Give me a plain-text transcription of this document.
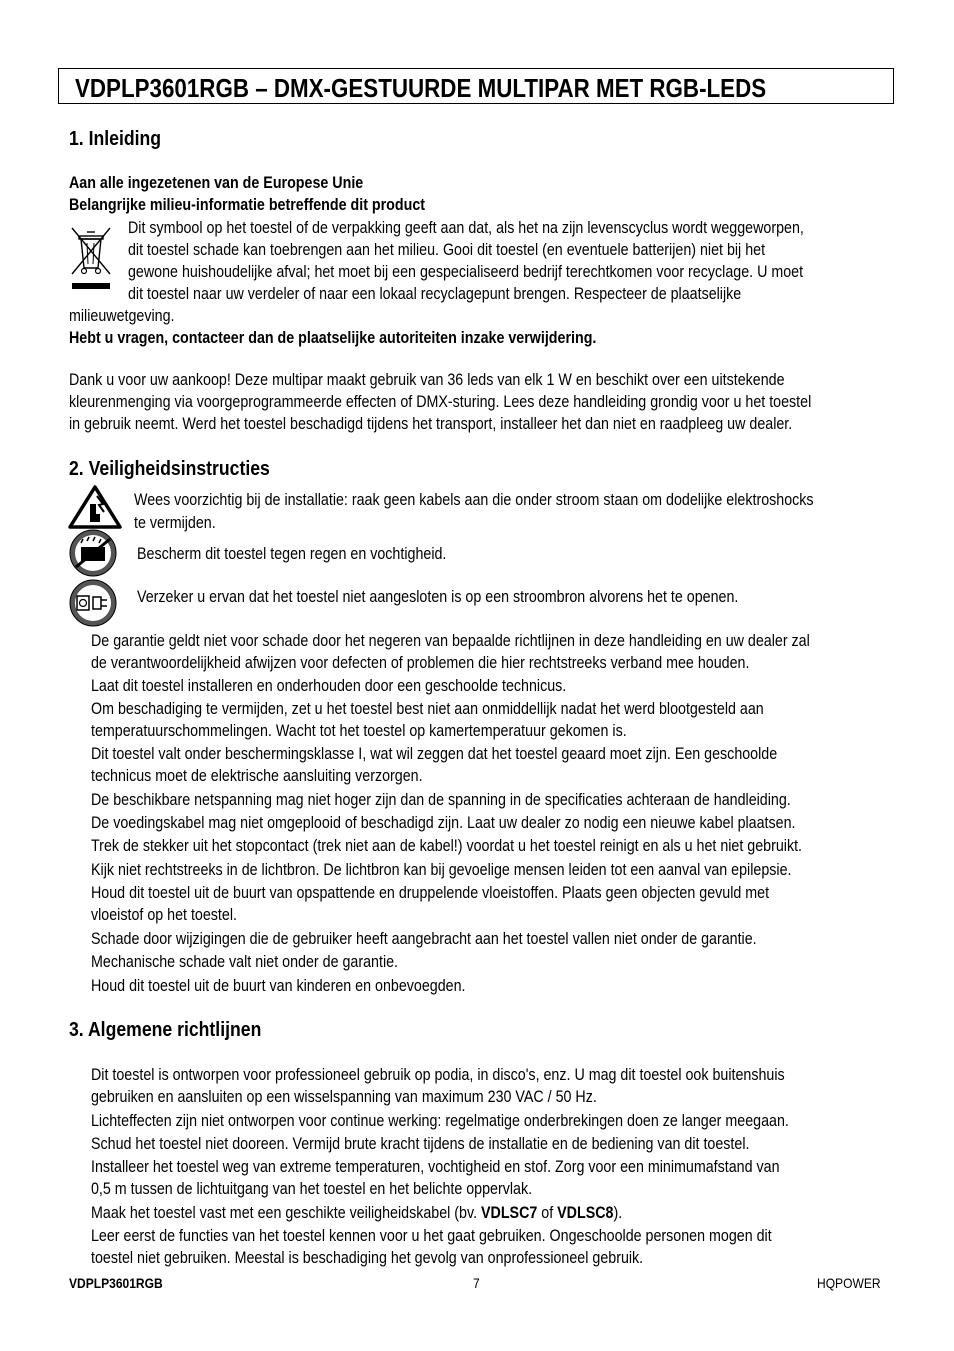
VDPLP3601RGB – DMX-GESTUURDE MULTIPAR MET RGB-LEDS
1. Inleiding
Aan alle ingezetenen van de Europese Unie
Belangrijke milieu-informatie betreffende dit product
Dit symbool op het toestel of de verpakking geeft aan dat, als het na zijn levenscyclus wordt weggeworpen,
dit toestel schade kan toebrengen aan het milieu. Gooi dit toestel (en eventuele batterijen) niet bij het
gewone huishoudelijke afval; het moet bij een gespecialiseerd bedrijf terechtkomen voor recyclage. U moet
dit toestel naar uw verdeler of naar een lokaal recyclagepunt brengen. Respecteer de plaatselijke
milieuwetgeving.
Hebt u vragen, contacteer dan de plaatselijke autoriteiten inzake verwijdering.
Dank u voor uw aankoop! Deze multipar maakt gebruik van 36 leds van elk 1 W en beschikt over een uitstekende
kleurenmenging via voorgeprogrammeerde effecten of DMX-sturing. Lees deze handleiding grondig voor u het toestel
in gebruik neemt. Werd het toestel beschadigd tijdens het transport, installeer het dan niet en raadpleeg uw dealer.
2. Veiligheidsinstructies
Wees voorzichtig bij de installatie: raak geen kabels aan die onder stroom staan om dodelijke elektroshocks
te vermijden.
Bescherm dit toestel tegen regen en vochtigheid.
Verzeker u ervan dat het toestel niet aangesloten is op een stroombron alvorens het te openen.
De garantie geldt niet voor schade door het negeren van bepaalde richtlijnen in deze handleiding en uw dealer zal
de verantwoordelijkheid afwijzen voor defecten of problemen die hier rechtstreeks verband mee houden.
Laat dit toestel installeren en onderhouden door een geschoolde technicus.
Om beschadiging te vermijden, zet u het toestel best niet aan onmiddellijk nadat het werd blootgesteld aan
temperatuurschommelingen. Wacht tot het toestel op kamertemperatuur gekomen is.
Dit toestel valt onder beschermingsklasse I, wat wil zeggen dat het toestel geaard moet zijn. Een geschoolde
technicus moet de elektrische aansluiting verzorgen.
De beschikbare netspanning mag niet hoger zijn dan de spanning in de specificaties achteraan de handleiding.
De voedingskabel mag niet omgeplooid of beschadigd zijn. Laat uw dealer zo nodig een nieuwe kabel plaatsen.
Trek de stekker uit het stopcontact (trek niet aan de kabel!) voordat u het toestel reinigt en als u het niet gebruikt.
Kijk niet rechtstreeks in de lichtbron. De lichtbron kan bij gevoelige mensen leiden tot een aanval van epilepsie.
Houd dit toestel uit de buurt van opspattende en druppelende vloeistoffen. Plaats geen objecten gevuld met
vloeistof op het toestel.
Schade door wijzigingen die de gebruiker heeft aangebracht aan het toestel vallen niet onder de garantie.
Mechanische schade valt niet onder de garantie.
Houd dit toestel uit de buurt van kinderen en onbevoegden.
3. Algemene richtlijnen
Dit toestel is ontworpen voor professioneel gebruik op podia, in disco's, enz. U mag dit toestel ook buitenshuis
gebruiken en aansluiten op een wisselspanning van maximum 230 VAC / 50 Hz.
Lichteffecten zijn niet ontworpen voor continue werking: regelmatige onderbrekingen doen ze langer meegaan.
Schud het toestel niet dooreen. Vermijd brute kracht tijdens de installatie en de bediening van dit toestel.
Installeer het toestel weg van extreme temperaturen, vochtigheid en stof. Zorg voor een minimumafstand van
0,5 m tussen de lichtuitgang van het toestel en het belichte oppervlak.
Maak het toestel vast met een geschikte veiligheidskabel (bv. VDLSC7 of VDLSC8).
Leer eerst de functies van het toestel kennen voor u het gaat gebruiken. Ongeschoolde personen mogen dit
toestel niet gebruiken. Meestal is beschadiging het gevolg van onprofessioneel gebruik.
VDPLP3601RGB	7	HQPOWER
